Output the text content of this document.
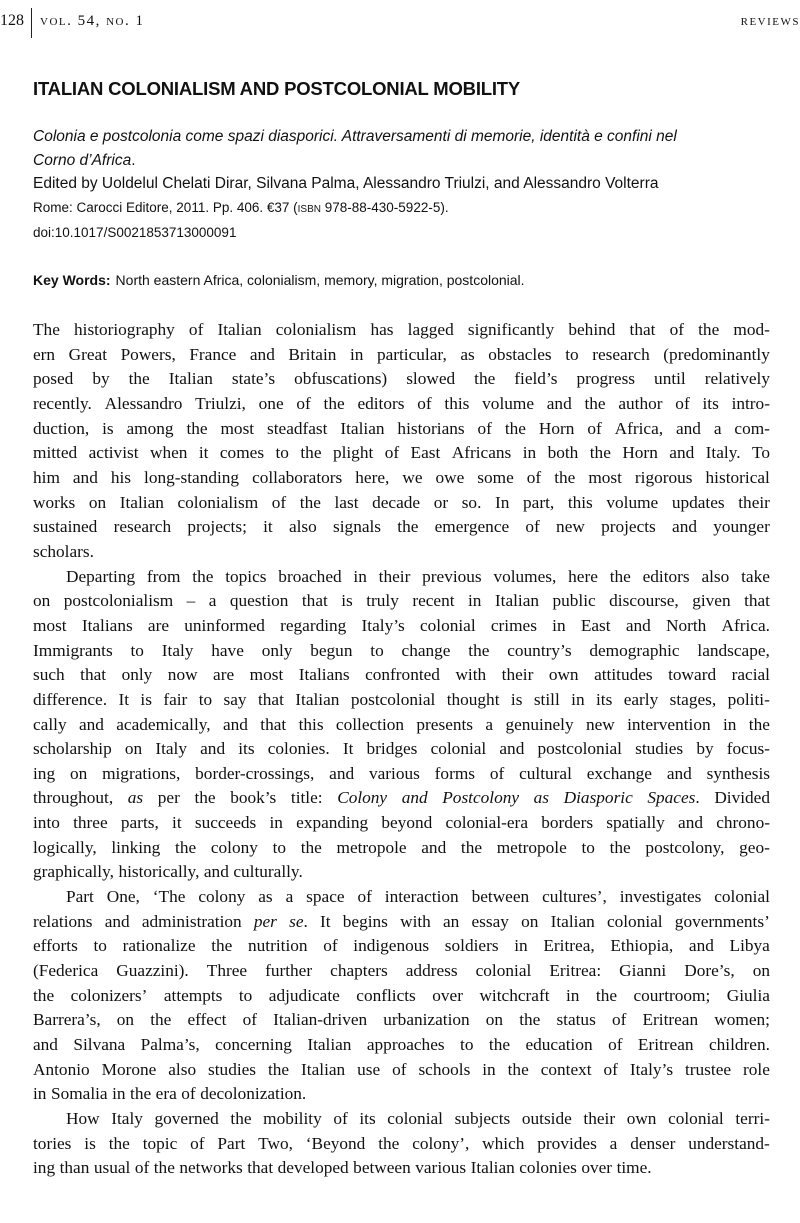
128 vol. 54, no. 1	reviews
ITALIAN COLONIALISM AND POSTCOLONIAL MOBILITY
Colonia e postcolonia come spazi diasporici. Attraversamenti di memorie, identità e confini nel
Corno d’Africa.
Edited by Uoldelul Chelati Dirar, Silvana Palma, Alessandro Triulzi, and Alessandro Volterra
Rome: Carocci Editore, 2011. Pp. 406. €37 (ISBN 978-88-430-5922-5).
doi:10.1017/S0021853713000091
Key Words: North eastern Africa, colonialism, memory, migration, postcolonial.
The historiography of Italian colonialism has lagged significantly behind that of the mod-
ern Great Powers, France and Britain in particular, as obstacles to research (predominantly
posed by the Italian state’s obfuscations) slowed the field’s progress until relatively
recently. Alessandro Triulzi, one of the editors of this volume and the author of its intro-
duction, is among the most steadfast Italian historians of the Horn of Africa, and a com-
mitted activist when it comes to the plight of East Africans in both the Horn and Italy. To
him and his long-standing collaborators here, we owe some of the most rigorous historical
works on Italian colonialism of the last decade or so. In part, this volume updates their
sustained research projects; it also signals the emergence of new projects and younger
scholars.
Departing from the topics broached in their previous volumes, here the editors also take
on postcolonialism – a question that is truly recent in Italian public discourse, given that
most Italians are uninformed regarding Italy’s colonial crimes in East and North Africa.
Immigrants to Italy have only begun to change the country’s demographic landscape,
such that only now are most Italians confronted with their own attitudes toward racial
difference. It is fair to say that Italian postcolonial thought is still in its early stages, politi-
cally and academically, and that this collection presents a genuinely new intervention in the
scholarship on Italy and its colonies. It bridges colonial and postcolonial studies by focus-
ing on migrations, border-crossings, and various forms of cultural exchange and synthesis
throughout, as per the book’s title: Colony and Postcolony as Diasporic Spaces. Divided
into three parts, it succeeds in expanding beyond colonial-era borders spatially and chrono-
logically, linking the colony to the metropole and the metropole to the postcolony, geo-
graphically, historically, and culturally.
Part One, ‘The colony as a space of interaction between cultures’, investigates colonial
relations and administration per se. It begins with an essay on Italian colonial governments’
efforts to rationalize the nutrition of indigenous soldiers in Eritrea, Ethiopia, and Libya
(Federica Guazzini). Three further chapters address colonial Eritrea: Gianni Dore’s, on
the colonizers’ attempts to adjudicate conflicts over witchcraft in the courtroom; Giulia
Barrera’s, on the effect of Italian-driven urbanization on the status of Eritrean women;
and Silvana Palma’s, concerning Italian approaches to the education of Eritrean children.
Antonio Morone also studies the Italian use of schools in the context of Italy’s trustee role
in Somalia in the era of decolonization.
How Italy governed the mobility of its colonial subjects outside their own colonial terri-
tories is the topic of Part Two, ‘Beyond the colony’, which provides a denser understand-
ing than usual of the networks that developed between various Italian colonies over time.
